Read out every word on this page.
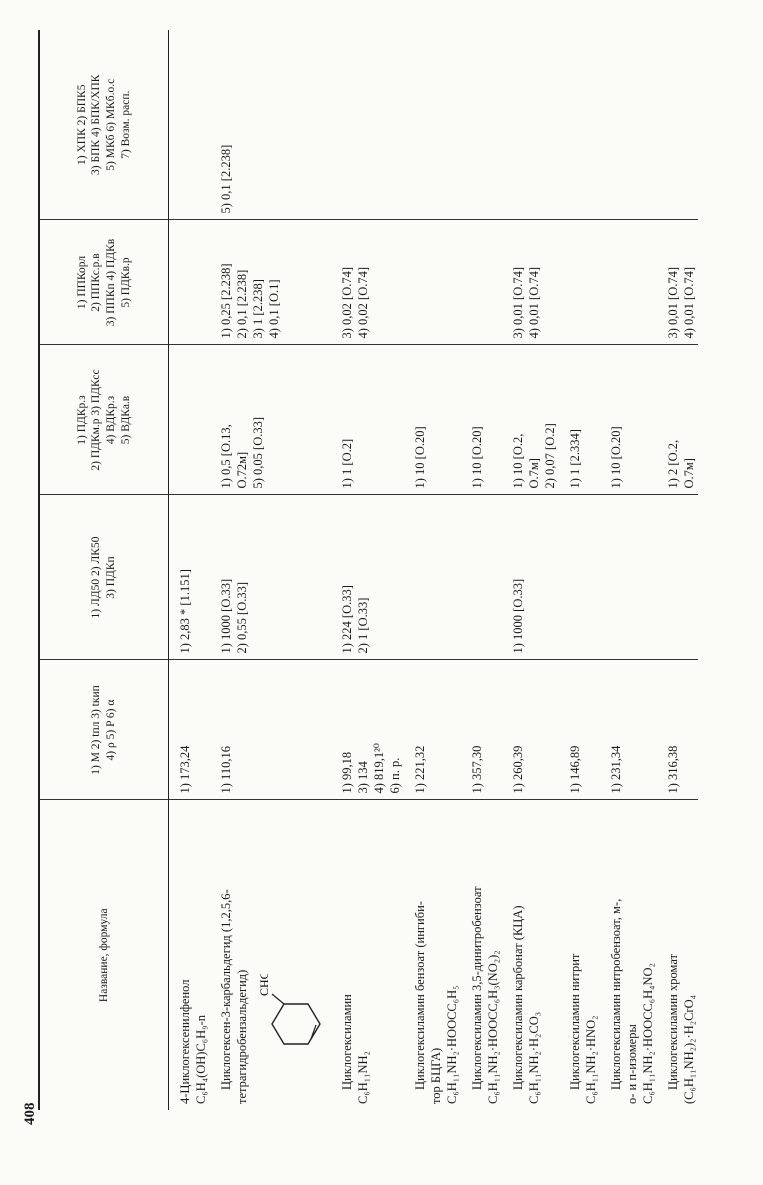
408
Название, формула	1) M 2) tпл 3) tкип 4) ρ 5) P 6) α	1) ЛД50 2) ЛК50 3) ПДКп	1) ПДКр.з 2) ПДКм.р 3) ПДКсс 4) ВДКр.з 5) ВДКа.в	1) ППКорл 2) ППКс.р.в 3) ППКп 4) ПДКв 5) ПДКв.р	1) ХПК 2) БПК5 3) БПК 4) БПК/ХПК 5) МКб 6) МКб.о.с 7) Возм. расп.

4-Циклогексенилфенол C₆H₄(OH)C₆H₉-n	1) 173,24	1) 2,83 * [1.151]			

Циклогексен-3-карбальдегид (1,2,5,6- тетрагидробензальдегид) CHO	1) 110,16	1) 1000 [O.33] 2) 0,55 [O.33]	1) 0,5 [O.13, O.72м] 5) 0,05 [O.33]	1) 0,25 [2.238] 2) 0,1 [2.238] 3) 1 [2.238] 4) 0,1 [O.1]	5) 0,1 [2.238]

Циклогексиламин C₆H₁₁NH₂	1) 99,18 3) 134 4) 819,1²⁰ 6) п. р.	1) 224 [O.33] 2) 1 [O.33]	1) 1 [O.2]	3) 0,02 [O.74] 4) 0,02 [O.74]	

Циклогексиламин бензоат (ингиби- тор БЦГА) C₆H₁₁NH₂·HOOCC₆H₅	1) 221,32		1) 10 [O.20]		

Циклогексиламин 3,5-динитробензоат C₆H₁₁NH₂·HOOCC₆H₃(NO₂)₂	1) 357,30		1) 10 [O.20]		

Циклогексиламин карбонат (КЦА) C₆H₁₁NH₂·H₂CO₃	1) 260,39	1) 1000 [O.33]	1) 10 [O.2, O.7м] 2) 0,07 [O.2]	3) 0,01 [O.74] 4) 0,01 [O.74]	

Циклогексиламин нитрит C₆H₁₁NH₂·HNO₂	1) 146,89		1) 1 [2.334]		

Циклогексиламин нитробензоат, м-, о- и п-изомеры C₆H₁₁NH₂·HOOCC₆H₄NO₂	1) 231,34		1) 10 [O.20]		

Циклогексиламин хромат (C₆H₁₁NH₂)₂·H₂CrO₄	1) 316,38		1) 2 [O.2, O.7м]	3) 0,01 [O.74] 4) 0,01 [O.74]	
